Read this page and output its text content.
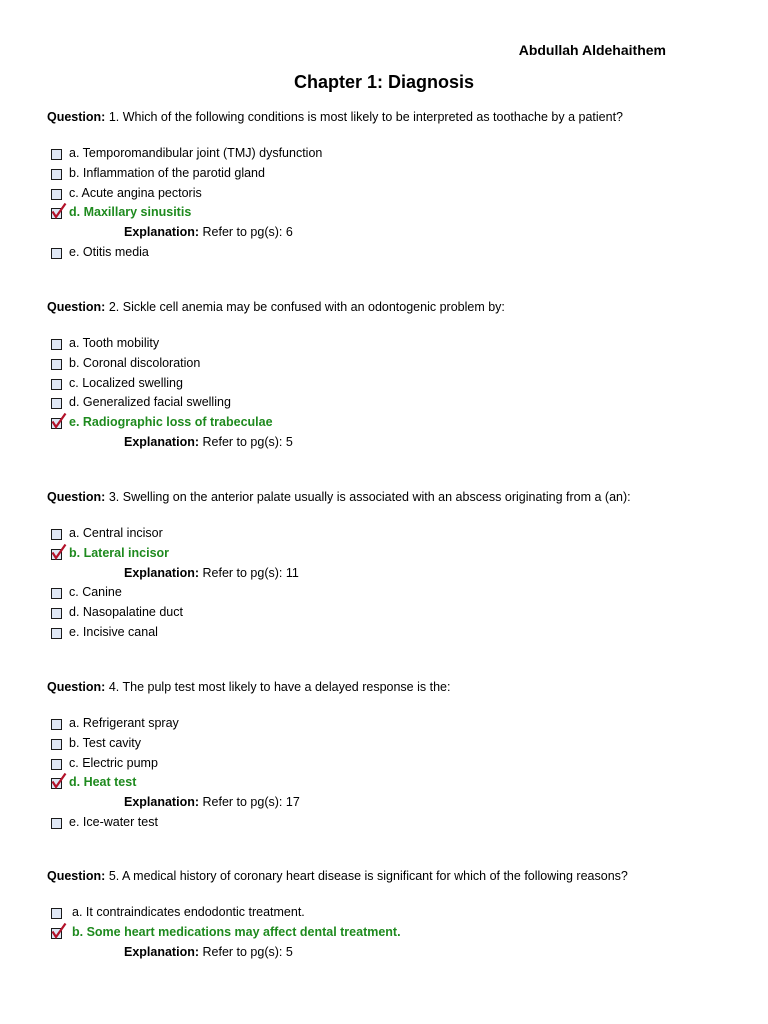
Abdullah Aldehaithem
Chapter 1: Diagnosis

Question: 1. Which of the following conditions is most likely to be interpreted as toothache by a patient?

a. Temporomandibular joint (TMJ) dysfunction
b. Inflammation of the parotid gland
c. Acute angina pectoris
d. Maxillary sinusitis
Explanation: Refer to pg(s): 6
e. Otitis media

Question: 2. Sickle cell anemia may be confused with an odontogenic problem by:

a. Tooth mobility
b. Coronal discoloration
c. Localized swelling
d. Generalized facial swelling
e. Radiographic loss of trabeculae
Explanation: Refer to pg(s): 5

Question: 3. Swelling on the anterior palate usually is associated with an abscess originating from a (an):

a. Central incisor
b. Lateral incisor
Explanation: Refer to pg(s): 11
c. Canine
d. Nasopalatine duct
e. Incisive canal

Question: 4. The pulp test most likely to have a delayed response is the:

a. Refrigerant spray
b. Test cavity
c. Electric pump
d. Heat test
Explanation: Refer to pg(s): 17
e. Ice-water test

Question: 5. A medical history of coronary heart disease is significant for which of the following reasons?

a. It contraindicates endodontic treatment.
b. Some heart medications may affect dental treatment.
Explanation: Refer to pg(s): 5
